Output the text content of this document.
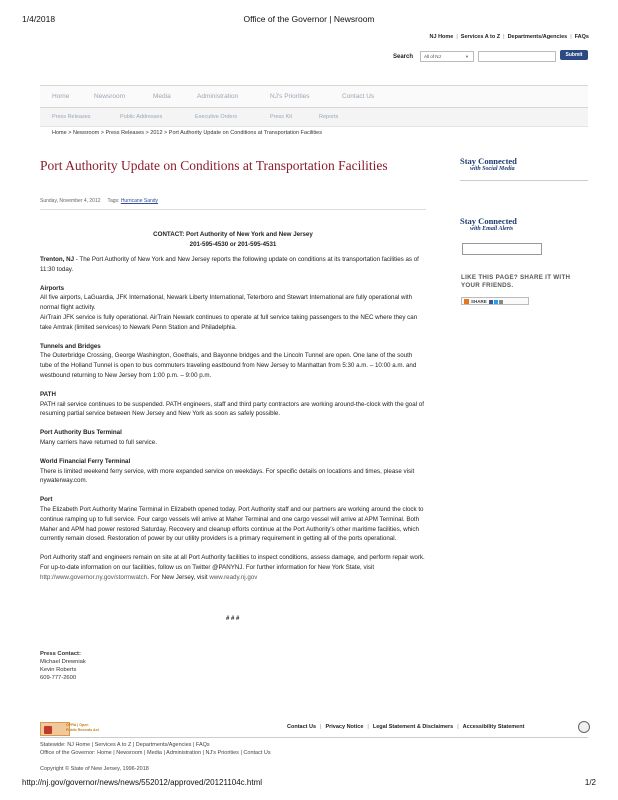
1/4/2018	Office of the Governor | Newsroom
NJ Home | Services A to Z | Departments/Agencies | FAQs
Search	All of NJ	▼	Submit
Home	Newsroom	Media	Administration	NJ's Priorities	Contact Us
Press Releases	Public Addresses	Executive Orders	Press Kit	Reports
Home > Newsroom > Press Releases > 2012 > Port Authority Update on Conditions at Transportation Facilities
Port Authority Update on Conditions at Transportation Facilities
Sunday, November 4, 2012 Tags: Hurricane Sandy
CONTACT: Port Authority of New York and New Jersey
201-595-4530 or 201-595-4531

Trenton, NJ - The Port Authority of New York and New Jersey reports the following update on conditions at its transportation facilities as of 11:30 today.

Airports
All five airports, LaGuardia, JFK International, Newark Liberty International, Teterboro and Stewart International are fully operational with normal flight activity.
AirTrain JFK service is fully operational. AirTrain Newark continues to operate at full service taking passengers to the NEC where they can take Amtrak (limited services) to Newark Penn Station and Philadelphia.

Tunnels and Bridges
The Outerbridge Crossing, George Washington, Goethals, and Bayonne bridges and the Lincoln Tunnel are open. One lane of the south tube of the Holland Tunnel is open to bus commuters traveling eastbound from New Jersey to Manhattan from 5:30 a.m. – 10:00 a.m. and westbound returning to New Jersey from 1:00 p.m. – 9:00 p.m.

PATH
PATH rail service continues to be suspended. PATH engineers, staff and third party contractors are working around-the-clock with the goal of resuming partial service between New Jersey and New York as soon as safely possible.

Port Authority Bus Terminal
Many carriers have returned to full service.

World Financial Ferry Terminal
There is limited weekend ferry service, with more expanded service on weekdays. For specific details on locations and times, please visit nywaterway.com.

Port
The Elizabeth Port Authority Marine Terminal in Elizabeth opened today. Port Authority staff and our partners are working around the clock to continue ramping up to full service. Four cargo vessels will arrive at Maher Terminal and one cargo vessel will arrive at APM Terminal. Both Maher and APM had power restored Saturday. Recovery and cleanup efforts continue at the Port Authority's other maritime facilities, which currently remain closed. Restoration of power by our utility providers is a primary requirement in getting all of the ports operational.

Port Authority staff and engineers remain on site at all Port Authority facilities to inspect conditions, assess damage, and perform repair work. For up-to-date information on our facilities, follow us on Twitter @PANYNJ. For further information for New York State, visit http://www.governor.ny.gov/stormwatch. For New Jersey, visit www.ready.nj.gov

# # #
Press Contact:
Michael Drewniak
Kevin Roberts
609-777-2600
Stay Connected
with Social Media
Stay Connected
with Email Alerts
LIKE THIS PAGE? SHARE IT WITH YOUR FRIENDS.
SHARE
OPRA | Open
Public Records Act	Contact Us | Privacy Notice | Legal Statement & Disclaimers | Accessibility Statement
Statewide: NJ Home | Services A to Z | Departments/Agencies | FAQs
Office of the Governor: Home | Newsroom | Media | Administration | NJ's Priorities | Contact Us
Copyright © State of New Jersey, 1996-2018
http://nj.gov/governor/news/news/552012/approved/20121104c.html	1/2
